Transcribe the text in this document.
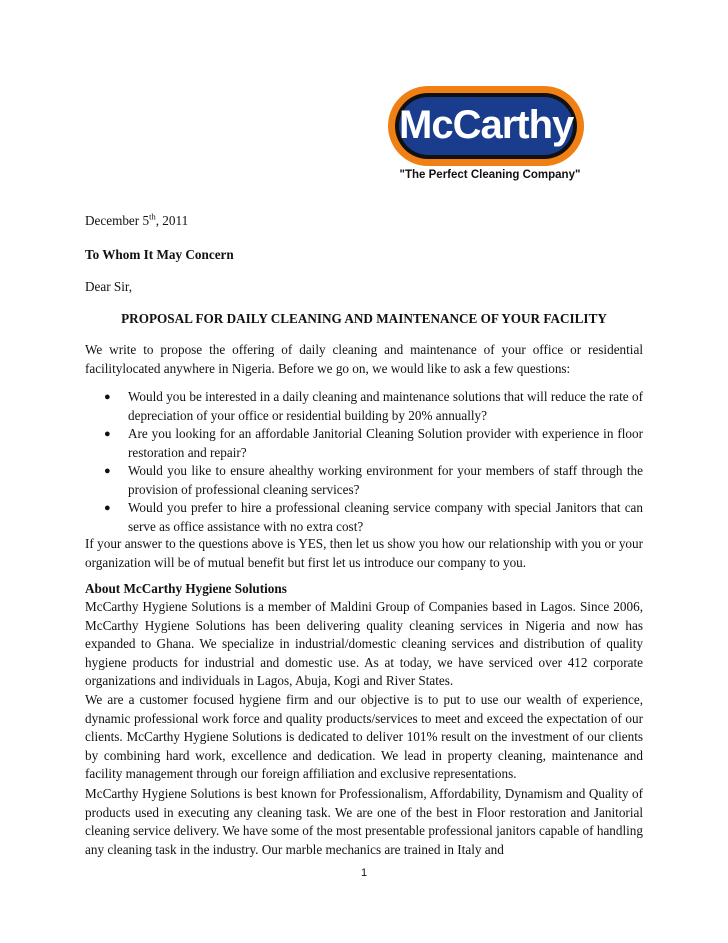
McCarthy
"The Perfect Cleaning Company"
December 5th, 2011
To Whom It May Concern
Dear Sir,
PROPOSAL FOR DAILY CLEANING AND MAINTENANCE OF YOUR FACILITY
We write to propose the offering of daily cleaning and maintenance of your office or residential facilitylocated anywhere in Nigeria. Before we go on, we would like to ask a few questions:
● Would you be interested in a daily cleaning and maintenance solutions that will reduce the rate of depreciation of your office or residential building by 20% annually?
● Are you looking for an affordable Janitorial Cleaning Solution provider with experience in floor restoration and repair?
● Would you like to ensure ahealthy working environment for your members of staff through the provision of professional cleaning services?
● Would you prefer to hire a professional cleaning service company with special Janitors that can serve as office assistance with no extra cost?
If your answer to the questions above is YES, then let us show you how our relationship with you or your organization will be of mutual benefit but first let us introduce our company to you.
About McCarthy Hygiene Solutions
McCarthy Hygiene Solutions is a member of Maldini Group of Companies based in Lagos. Since 2006, McCarthy Hygiene Solutions has been delivering quality cleaning services in Nigeria and now has expanded to Ghana. We specialize in industrial/domestic cleaning services and distribution of quality hygiene products for industrial and domestic use. As at today, we have serviced over 412 corporate organizations and individuals in Lagos, Abuja, Kogi and River States.
We are a customer focused hygiene firm and our objective is to put to use our wealth of experience, dynamic professional work force and quality products/services to meet and exceed the expectation of our clients. McCarthy Hygiene Solutions is dedicated to deliver 101% result on the investment of our clients by combining hard work, excellence and dedication. We lead in property cleaning, maintenance and facility management through our foreign affiliation and exclusive representations.
McCarthy Hygiene Solutions is best known for Professionalism, Affordability, Dynamism and Quality of products used in executing any cleaning task. We are one of the best in Floor restoration and Janitorial cleaning service delivery. We have some of the most presentable professional janitors capable of handling any cleaning task in the industry. Our marble mechanics are trained in Italy and
1
